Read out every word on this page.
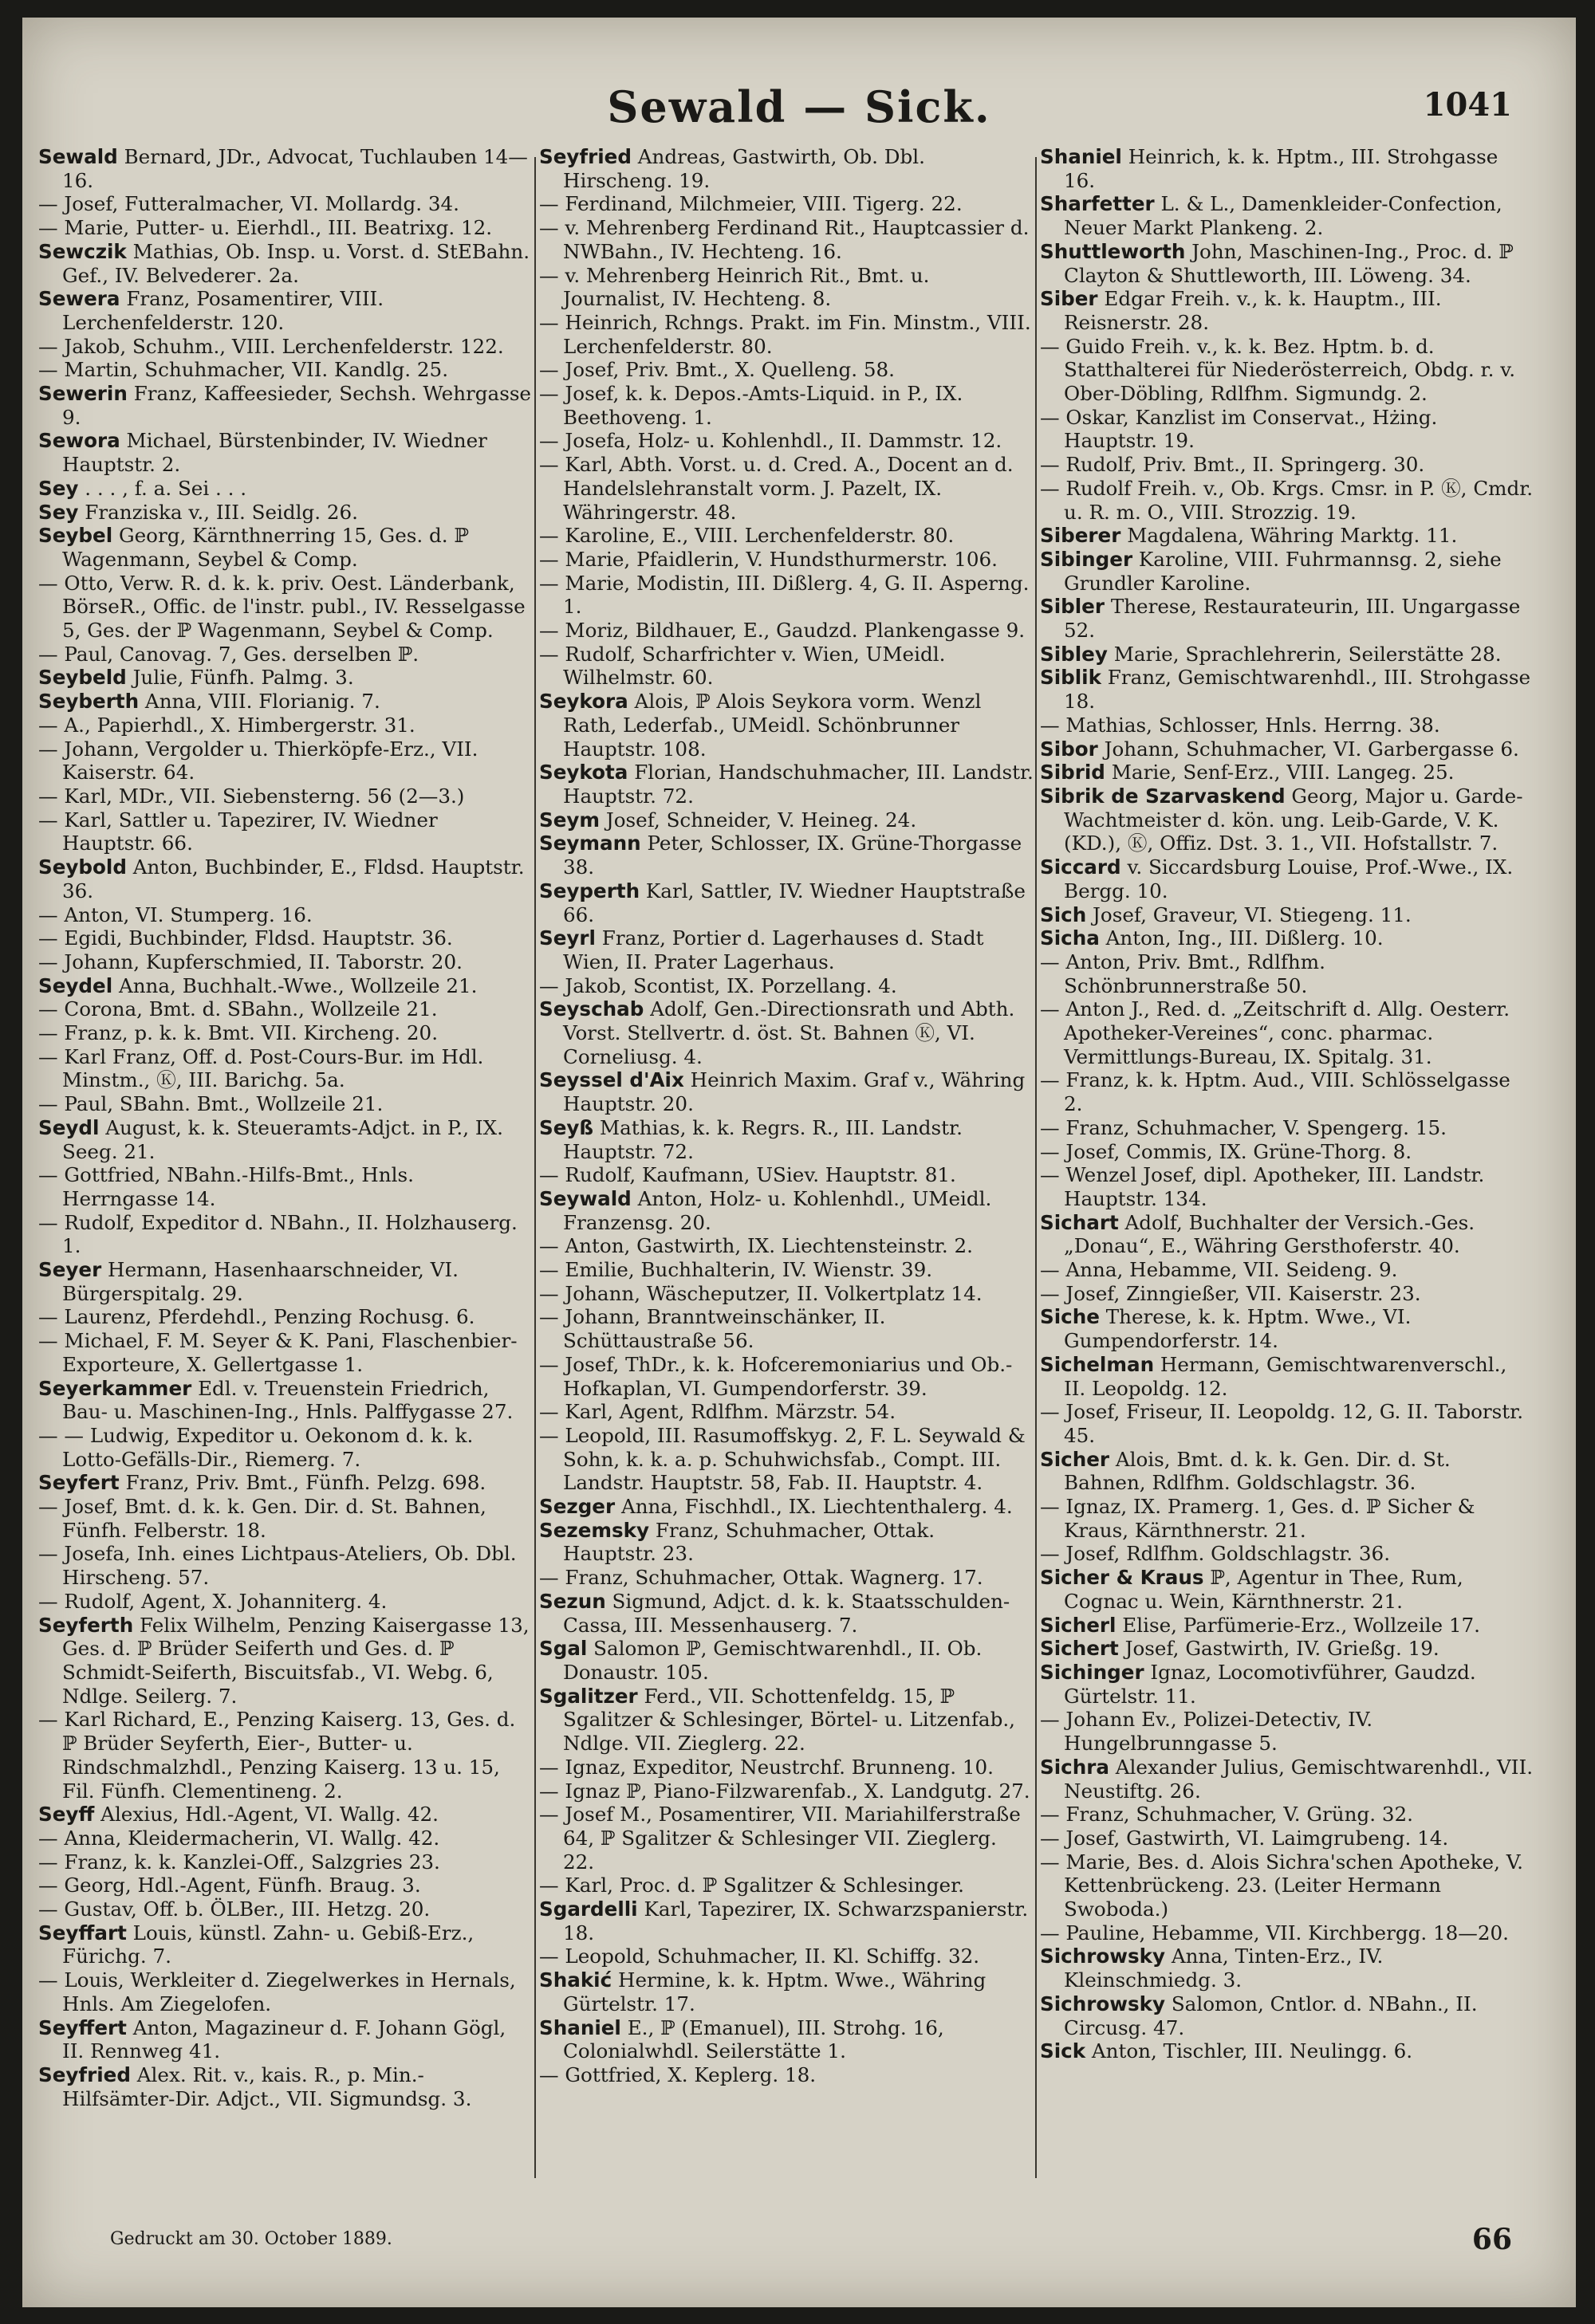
Sewald — Sick.	1041
Sewald Bernard, JDr., Advocat, Tuchlauben 14—16.
— Josef, Futteralmacher, VI. Mollardg. 34.
— Marie, Putter- u. Eierhdl., III. Beatrixg. 12.
Sewczik Mathias, Ob. Insp. u. Vorst. d. StEBahn. Gef., IV. Belvederег. 2a.
Sewera Franz, Posamentirer, VIII. Lerchenfelderstr. 120.
— Jakob, Schuhm., VIII. Lerchenfelderstr. 122.
— Martin, Schuhmacher, VII. Kandlg. 25.
Sewerin Franz, Kaffeesieder, Sechsh. Wehrgasse 9.
Sewora Michael, Bürstenbinder, IV. Wiedner Hauptstr. 2.
Sey . . . , f. a. Sei . . .
Sey Franziska v., III. Seidlg. 26.
Seybel Georg, Kärnthnerring 15, Ges. d. ℙ Wagenmann, Seybel & Comp.
— Otto, Verw. R. d. k. k. priv. Oest. Länderbank, BörseR., Offic. de l'instr. publ., IV. Resselgasse 5, Ges. der ℙ Wagenmann, Seybel & Comp.
— Paul, Canovag. 7, Ges. derselben ℙ.
Seybeld Julie, Fünfh. Palmg. 3.
Seyberth Anna, VIII. Florianig. 7.
— A., Papierhdl., X. Himbergerstr. 31.
— Johann, Vergolder u. Thierköpfe-Erz., VII. Kaiserstr. 64.
— Karl, MDr., VII. Siebensterng. 56 (2—3.)
— Karl, Sattler u. Tapezirer, IV. Wiedner Hauptstr. 66.
Seybold Anton, Buchbinder, E., Fldsd. Hauptstr. 36.
— Anton, VI. Stumperg. 16.
— Egidi, Buchbinder, Fldsd. Hauptstr. 36.
— Johann, Kupferschmied, II. Taborstr. 20.
Seydel Anna, Buchhalt.-Wwe., Wollzeile 21.
— Corona, Bmt. d. SBahn., Wollzeile 21.
— Franz, p. k. k. Bmt. VII. Kircheng. 20.
— Karl Franz, Off. d. Post-Cours-Bur. im Hdl. Minstm., Ⓚ, III. Barichg. 5a.
— Paul, SBahn. Bmt., Wollzeile 21.
Seydl August, k. k. Steueramts-Adjct. in P., IX. Seeg. 21.
— Gottfried, NBahn.-Hilfs-Bmt., Hnls. Herrngasse 14.
— Rudolf, Expeditor d. NBahn., II. Holzhauserg. 1.
Seyer Hermann, Hasenhaarschneider, VI. Bürgerspitalg. 29.
— Laurenz, Pferdehdl., Penzing Rochusg. 6.
— Michael, F. M. Seyer & K. Pani, Flaschenbier-Exporteure, X. Gellertgasse 1.
Seyerkammer Edl. v. Treuenstein Friedrich, Bau- u. Maschinen-Ing., Hnls. Palffygasse 27.
— — Ludwig, Expeditor u. Oekonom d. k. k. Lotto-Gefälls-Dir., Riemerg. 7.
Seyfert Franz, Priv. Bmt., Fünfh. Pelzg. 698.
— Josef, Bmt. d. k. k. Gen. Dir. d. St. Bahnen, Fünfh. Felberstr. 18.
— Josefa, Inh. eines Lichtpaus-Ateliers, Ob. Dbl. Hirscheng. 57.
— Rudolf, Agent, X. Johanniterg. 4.
Seyferth Felix Wilhelm, Penzing Kaisergasse 13, Ges. d. ℙ Brüder Seiferth und Ges. d. ℙ Schmidt-Seiferth, Biscuitsfab., VI. Webg. 6, Ndlge. Seilerg. 7.
— Karl Richard, E., Penzing Kaiserg. 13, Ges. d. ℙ Brüder Seyferth, Eier-, Butter- u. Rindschmalzhdl., Penzing Kaiserg. 13 u. 15, Fil. Fünfh. Clementineng. 2.
Seyff Alexius, Hdl.-Agent, VI. Wallg. 42.
— Anna, Kleidermacherin, VI. Wallg. 42.
— Franz, k. k. Kanzlei-Off., Salzgries 23.
— Georg, Hdl.-Agent, Fünfh. Braug. 3.
— Gustav, Off. b. ÖLBer., III. Hetzg. 20.
Seyffart Louis, künstl. Zahn- u. Gebiß-Erz., Fürichg. 7.
— Louis, Werkleiter d. Ziegelwerkes in Hernals, Hnls. Am Ziegelofen.
Seyffert Anton, Magazineur d. F. Johann Gögl, II. Rennweg 41.
Seyfried Alex. Rit. v., kais. R., p. Min.-Hilfsämter-Dir. Adjct., VII. Sigmundsg. 3.
Seyfried Andreas, Gastwirth, Ob. Dbl. Hirscheng. 19.
— Ferdinand, Milchmeier, VIII. Tigerg. 22.
— v. Mehrenberg Ferdinand Rit., Hauptcassier d. NWBahn., IV. Hechteng. 16.
— v. Mehrenberg Heinrich Rit., Bmt. u. Journalist, IV. Hechteng. 8.
— Heinrich, Rchngs. Prakt. im Fin. Minstm., VIII. Lerchenfelderstr. 80.
— Josef, Priv. Bmt., X. Quelleng. 58.
— Josef, k. k. Depos.-Amts-Liquid. in P., IX. Beethoveng. 1.
— Josefa, Holz- u. Kohlenhdl., II. Dammstr. 12.
— Karl, Abth. Vorst. u. d. Cred. A., Docent an d. Handelslehranstalt vorm. J. Pazelt, IX. Währingerstr. 48.
— Karoline, E., VIII. Lerchenfelderstr. 80.
— Marie, Pfaidlerin, V. Hundsthurmerstr. 106.
— Marie, Modistin, III. Dißlerg. 4, G. II. Asperng. 1.
— Moriz, Bildhauer, E., Gaudzd. Plankengasse 9.
— Rudolf, Scharfrichter v. Wien, UMeidl. Wilhelmstr. 60.
Seykora Alois, ℙ Alois Seykora vorm. Wenzl Rath, Lederfab., UMeidl. Schönbrunner Hauptstr. 108.
Seykota Florian, Handschuhmacher, III. Landstr. Hauptstr. 72.
Seym Josef, Schneider, V. Heineg. 24.
Seymann Peter, Schlosser, IX. Grüne-Thorgasse 38.
Seyperth Karl, Sattler, IV. Wiedner Hauptstraße 66.
Seyrl Franz, Portier d. Lagerhauses d. Stadt Wien, II. Prater Lagerhaus.
— Jakob, Scontist, IX. Porzellang. 4.
Seyschab Adolf, Gen.-Directionsrath und Abth. Vorst. Stellvertr. d. öst. St. Bahnen Ⓚ, VI. Corneliusg. 4.
Seyssel d'Aix Heinrich Maxim. Graf v., Währing Hauptstr. 20.
Seyß Mathias, k. k. Regrs. R., III. Landstr. Hauptstr. 72.
— Rudolf, Kaufmann, USiev. Hauptstr. 81.
Seywald Anton, Holz- u. Kohlenhdl., UMeidl. Franzensg. 20.
— Anton, Gastwirth, IX. Liechtensteinstr. 2.
— Emilie, Buchhalterin, IV. Wienstr. 39.
— Johann, Wäscheputzer, II. Volkertplatz 14.
— Johann, Branntweinschänker, II. Schüttaustraße 56.
— Josef, ThDr., k. k. Hofceremoniarius und Ob.-Hofkaplan, VI. Gumpendorferstr. 39.
— Karl, Agent, Rdlfhm. Märzstr. 54.
— Leopold, III. Rasumoffskyg. 2, F. L. Seywald & Sohn, k. k. a. p. Schuhwichsfab., Compt. III. Landstr. Hauptstr. 58, Fab. II. Hauptstr. 4.
Sezger Anna, Fischhdl., IX. Liechtenthalerg. 4.
Sezemsky Franz, Schuhmacher, Ottak. Hauptstr. 23.
— Franz, Schuhmacher, Ottak. Wagnerg. 17.
Sezun Sigmund, Adjct. d. k. k. Staatsschulden-Cassa, III. Messenhauserg. 7.
Sgal Salomon ℙ, Gemischtwarenhdl., II. Ob. Donaustr. 105.
Sgalitzer Ferd., VII. Schottenfeldg. 15, ℙ Sgalitzer & Schlesinger, Börtel- u. Litzenfab., Ndlge. VII. Zieglerg. 22.
— Ignaz, Expeditor, Neustrchf. Brunneng. 10.
— Ignaz ℙ, Piano-Filzwarenfab., X. Landgutg. 27.
— Josef M., Posamentirer, VII. Mariahilferstraße 64, ℙ Sgalitzer & Schlesinger VII. Zieglerg. 22.
— Karl, Proc. d. ℙ Sgalitzer & Schlesinger.
Sgardelli Karl, Tapezirer, IX. Schwarzspanierstr. 18.
— Leopold, Schuhmacher, II. Kl. Schiffg. 32.
Shakić Hermine, k. k. Hptm. Wwe., Währing Gürtelstr. 17.
Shaniel E., ℙ (Emanuel), III. Strohg. 16, Colonialwhdl. Seilerstätte 1.
— Gottfried, X. Keplerg. 18.
Shaniel Heinrich, k. k. Hptm., III. Strohgasse 16.
Sharfetter L. & L., Damenkleider-Confection, Neuer Markt Plankeng. 2.
Shuttleworth John, Maschinen-Ing., Proc. d. ℙ Clayton & Shuttleworth, III. Löweng. 34.
Siber Edgar Freih. v., k. k. Hauptm., III. Reisnerstr. 28.
— Guido Freih. v., k. k. Bez. Hptm. b. d. Statthalterei für Niederösterreich, Obdg. r. v. Ober-Döbling, Rdlfhm. Sigmundg. 2.
— Oskar, Kanzlist im Conservat., Hżing. Hauptstr. 19.
— Rudolf, Priv. Bmt., II. Springerg. 30.
— Rudolf Freih. v., Ob. Krgs. Cmsr. in P. Ⓚ, Cmdr. u. R. m. O., VIII. Strozzig. 19.
Siberer Magdalena, Währing Marktg. 11.
Sibinger Karoline, VIII. Fuhrmannsg. 2, siehe Grundler Karoline.
Sibler Therese, Restaurateurin, III. Ungargasse 52.
Sibley Marie, Sprachlehrerin, Seilerstätte 28.
Siblik Franz, Gemischtwarenhdl., III. Strohgasse 18.
— Mathias, Schlosser, Hnls. Herrng. 38.
Sibor Johann, Schuhmacher, VI. Garbergasse 6.
Sibrid Marie, Senf-Erz., VIII. Langeg. 25.
Sibrik de Szarvaskend Georg, Major u. Garde-Wachtmeister d. kön. ung. Leib-Garde, V. K. (KD.), Ⓚ, Offiz. Dst. 3. 1., VII. Hofstallstr. 7.
Siccard v. Siccardsburg Louise, Prof.-Wwe., IX. Bergg. 10.
Sich Josef, Graveur, VI. Stiegeng. 11.
Sicha Anton, Ing., III. Dißlerg. 10.
— Anton, Priv. Bmt., Rdlfhm. Schönbrunnerstraße 50.
— Anton J., Red. d. „Zeitschrift d. Allg. Oesterr. Apotheker-Vereines“, conc. pharmac. Vermittlungs-Bureau, IX. Spitalg. 31.
— Franz, k. k. Hptm. Aud., VIII. Schlösselgasse 2.
— Franz, Schuhmacher, V. Spengerg. 15.
— Josef, Commis, IX. Grüne-Thorg. 8.
— Wenzel Josef, dipl. Apotheker, III. Landstr. Hauptstr. 134.
Sichart Adolf, Buchhalter der Versich.-Ges. „Donau“, E., Währing Gersthoferstr. 40.
— Anna, Hebamme, VII. Seideng. 9.
— Josef, Zinngießer, VII. Kaiserstr. 23.
Siche Therese, k. k. Hptm. Wwe., VI. Gumpendorferstr. 14.
Sichelman Hermann, Gemischtwarenverschl., II. Leopoldg. 12.
— Josef, Friseur, II. Leopoldg. 12, G. II. Taborstr. 45.
Sicher Alois, Bmt. d. k. k. Gen. Dir. d. St. Bahnen, Rdlfhm. Goldschlagstr. 36.
— Ignaz, IX. Pramerg. 1, Ges. d. ℙ Sicher & Kraus, Kärnthnerstr. 21.
— Josef, Rdlfhm. Goldschlagstr. 36.
Sicher & Kraus ℙ, Agentur in Thee, Rum, Cognac u. Wein, Kärnthnerstr. 21.
Sicherl Elise, Parfümerie-Erz., Wollzeile 17.
Sichert Josef, Gastwirth, IV. Grießg. 19.
Sichinger Ignaz, Locomotivführer, Gaudzd. Gürtelstr. 11.
— Johann Ev., Polizei-Detectiv, IV. Hungelbrunngasse 5.
Sichra Alexander Julius, Gemischtwarenhdl., VII. Neustiftg. 26.
— Franz, Schuhmacher, V. Grüng. 32.
— Josef, Gastwirth, VI. Laimgrubeng. 14.
— Marie, Bes. d. Alois Sichra'schen Apotheke, V. Kettenbrückeng. 23. (Leiter Hermann Swoboda.)
— Pauline, Hebamme, VII. Kirchbergg. 18—20.
Sichrowsky Anna, Tinten-Erz., IV. Kleinschmiedg. 3.
Sichrowsky Salomon, Cntlor. d. NBahn., II. Circusg. 47.
Sick Anton, Tischler, III. Neulingg. 6.
Gedruckt am 30. October 1889.	66
